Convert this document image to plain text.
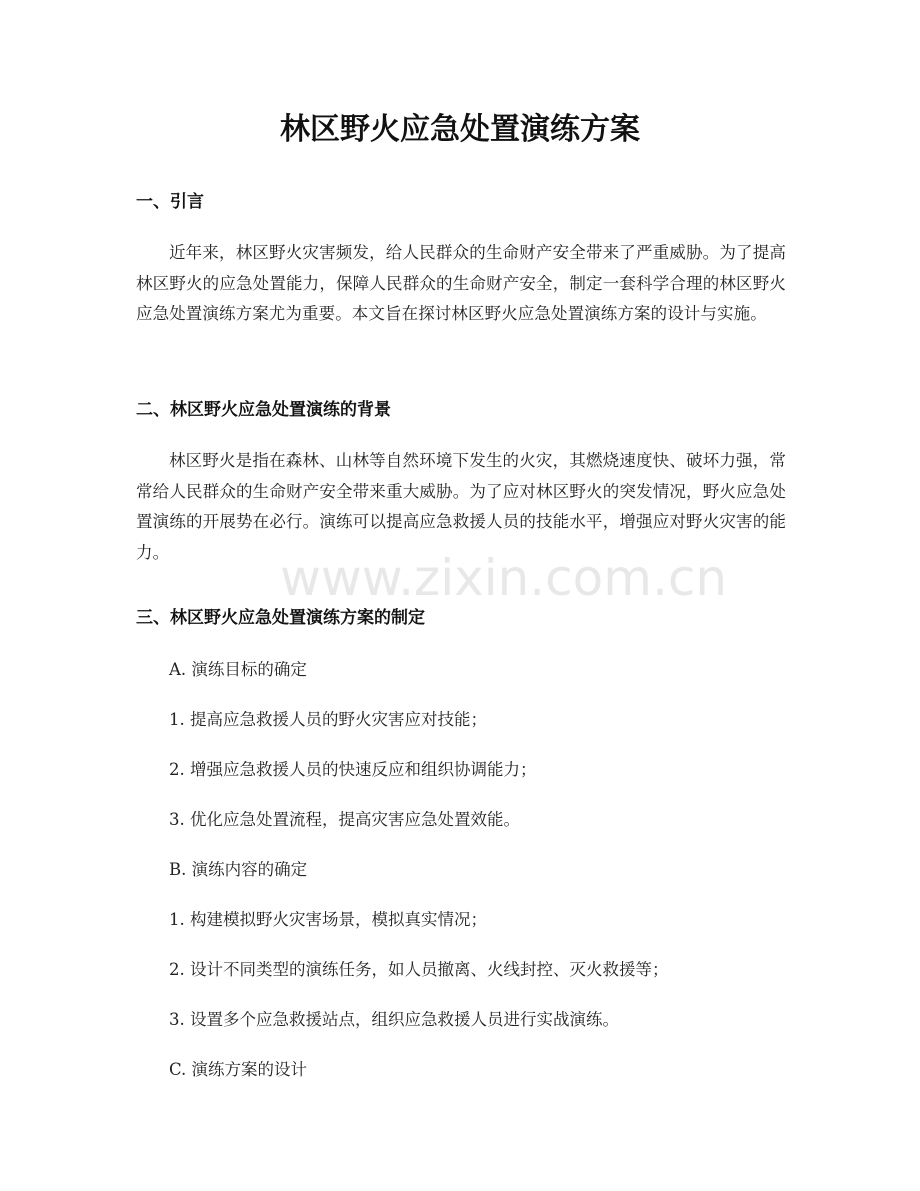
林区野火应急处置演练方案
一、引言

近年来，林区野火灾害频发，给人民群众的生命财产安全带来了严重威胁。为了提高林区野火的应急处置能力，保障人民群众的生命财产安全，制定一套科学合理的林区野火应急处置演练方案尤为重要。本文旨在探讨林区野火应急处置演练方案的设计与实施。

二、林区野火应急处置演练的背景

林区野火是指在森林、山林等自然环境下发生的火灾，其燃烧速度快、破坏力强，常常给人民群众的生命财产安全带来重大威胁。为了应对林区野火的突发情况，野火应急处置演练的开展势在必行。演练可以提高应急救援人员的技能水平，增强应对野火灾害的能力。

三、林区野火应急处置演练方案的制定

A. 演练目标的确定

1. 提高应急救援人员的野火灾害应对技能；

2. 增强应急救援人员的快速反应和组织协调能力；

3. 优化应急处置流程，提高灾害应急处置效能。

B. 演练内容的确定

1. 构建模拟野火灾害场景，模拟真实情况；

2. 设计不同类型的演练任务，如人员撤离、火线封控、灭火救援等；

3. 设置多个应急救援站点，组织应急救援人员进行实战演练。

C. 演练方案的设计

www.zixin.com.cn
